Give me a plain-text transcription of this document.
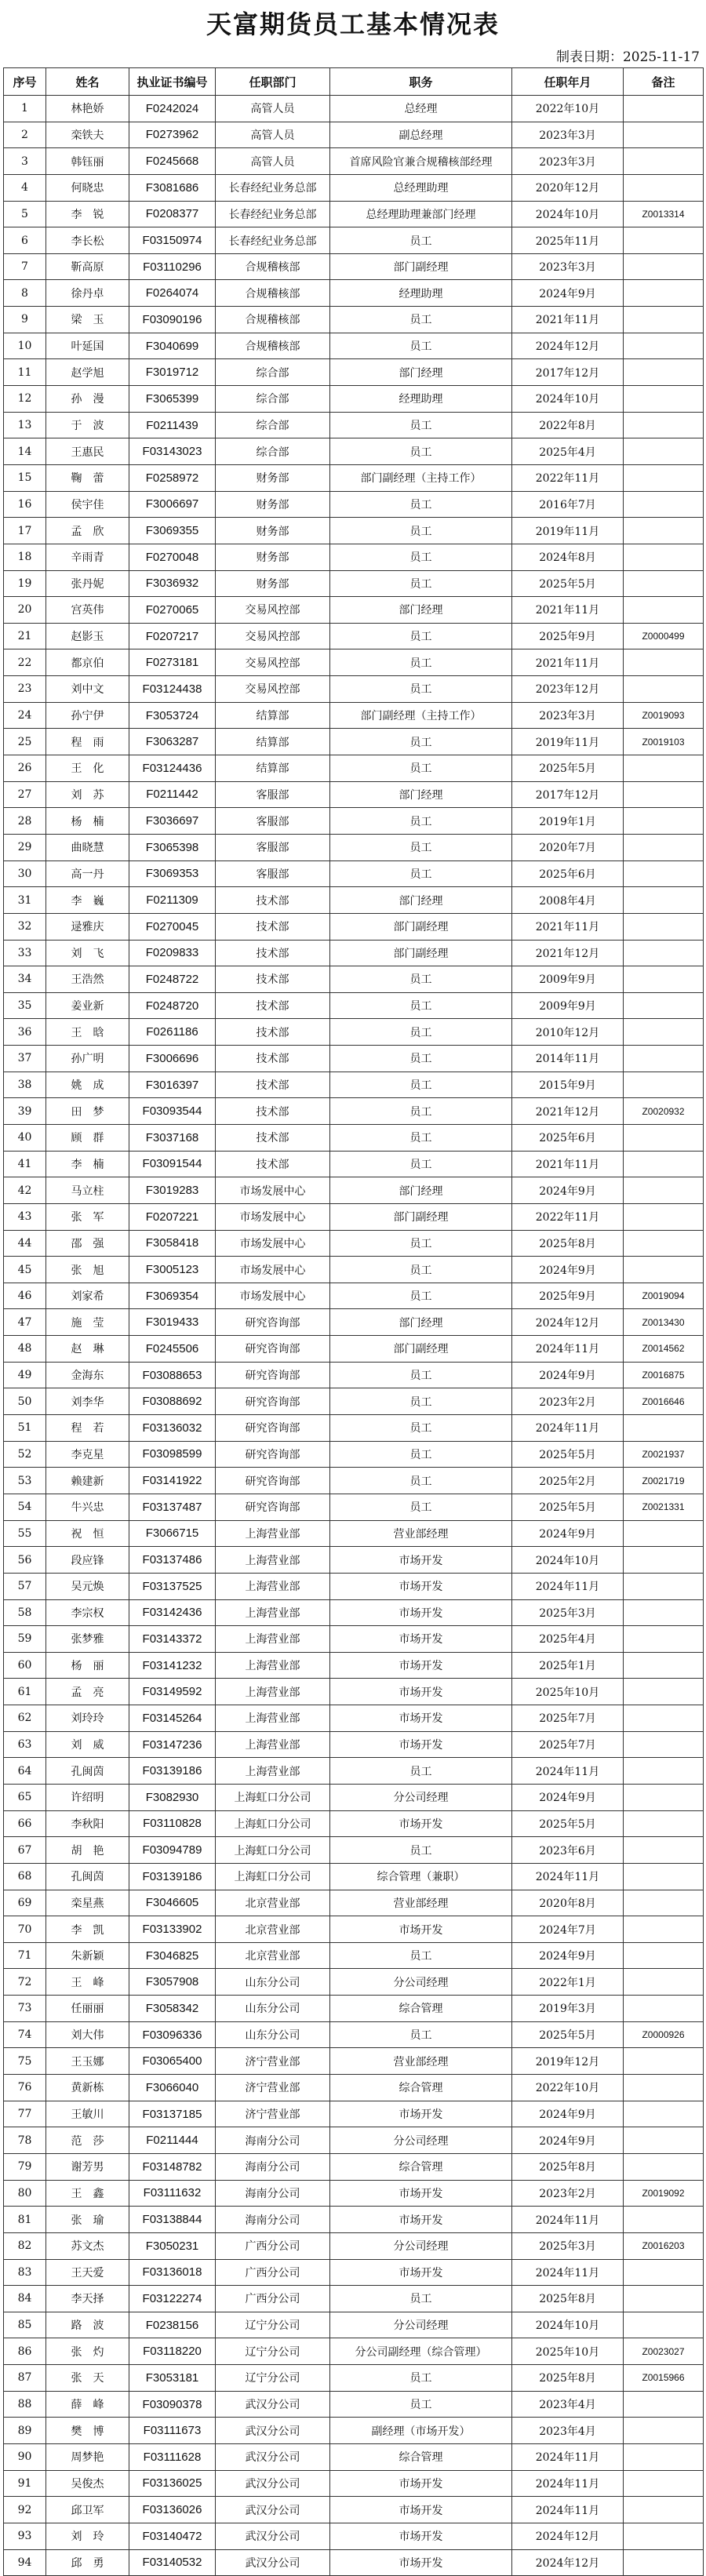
天富期货员工基本情况表
制表日期：2025-11-17
序号	姓名	执业证书编号	任职部门	职务	任职年月	备注
1	林艳娇	F0242024	高管人员	总经理	2022年10月	
2	栾铁夫	F0273962	高管人员	副总经理	2023年3月	
3	韩钰丽	F0245668	高管人员	首席风险官兼合规稽核部经理	2023年3月	
4	何晓忠	F3081686	长春经纪业务总部	总经理助理	2020年12月	
5	李　锐	F0208377	长春经纪业务总部	总经理助理兼部门经理	2024年10月	Z0013314
6	李长松	F03150974	长春经纪业务总部	员工	2025年11月	
7	靳高原	F03110296	合规稽核部	部门副经理	2023年3月	
8	徐丹卓	F0264074	合规稽核部	经理助理	2024年9月	
9	梁　玉	F03090196	合规稽核部	员工	2021年11月	
10	叶延国	F3040699	合规稽核部	员工	2024年12月	
11	赵学旭	F3019712	综合部	部门经理	2017年12月	
12	孙　漫	F3065399	综合部	经理助理	2024年10月	
13	于　波	F0211439	综合部	员工	2022年8月	
14	王惠民	F03143023	综合部	员工	2025年4月	
15	鞠　蕾	F0258972	财务部	部门副经理（主持工作）	2022年11月	
16	侯宇佳	F3006697	财务部	员工	2016年7月	
17	孟　欣	F3069355	财务部	员工	2019年11月	
18	辛雨青	F0270048	财务部	员工	2024年8月	
19	张丹妮	F3036932	财务部	员工	2025年5月	
20	宫英伟	F0270065	交易风控部	部门经理	2021年11月	
21	赵影玉	F0207217	交易风控部	员工	2025年9月	Z0000499
22	都京伯	F0273181	交易风控部	员工	2021年11月	
23	刘中文	F03124438	交易风控部	员工	2023年12月	
24	孙宁伊	F3053724	结算部	部门副经理（主持工作）	2023年3月	Z0019093
25	程　雨	F3063287	结算部	员工	2019年11月	Z0019103
26	王　化	F03124436	结算部	员工	2025年5月	
27	刘　苏	F0211442	客服部	部门经理	2017年12月	
28	杨　楠	F3036697	客服部	员工	2019年1月	
29	曲晓慧	F3065398	客服部	员工	2020年7月	
30	高一丹	F3069353	客服部	员工	2025年6月	
31	李　巍	F0211309	技术部	部门经理	2008年4月	
32	逯雅庆	F0270045	技术部	部门副经理	2021年11月	
33	刘　飞	F0209833	技术部	部门副经理	2021年12月	
34	王浩然	F0248722	技术部	员工	2009年9月	
35	姜业新	F0248720	技术部	员工	2009年9月	
36	王　晗	F0261186	技术部	员工	2010年12月	
37	孙广明	F3006696	技术部	员工	2014年11月	
38	姚　成	F3016397	技术部	员工	2015年9月	
39	田　梦	F03093544	技术部	员工	2021年12月	Z0020932
40	顾　群	F3037168	技术部	员工	2025年6月	
41	李　楠	F03091544	技术部	员工	2021年11月	
42	马立柱	F3019283	市场发展中心	部门经理	2024年9月	
43	张　军	F0207221	市场发展中心	部门副经理	2022年11月	
44	邵　强	F3058418	市场发展中心	员工	2025年8月	
45	张　旭	F3005123	市场发展中心	员工	2024年9月	
46	刘家希	F3069354	市场发展中心	员工	2025年9月	Z0019094
47	施　莹	F3019433	研究咨询部	部门经理	2024年12月	Z0013430
48	赵　琳	F0245506	研究咨询部	部门副经理	2024年11月	Z0014562
49	金海东	F03088653	研究咨询部	员工	2024年9月	Z0016875
50	刘李华	F03088692	研究咨询部	员工	2023年2月	Z0016646
51	程　若	F03136032	研究咨询部	员工	2024年11月	
52	李克星	F03098599	研究咨询部	员工	2025年5月	Z0021937
53	赖建新	F03141922	研究咨询部	员工	2025年2月	Z0021719
54	牛兴忠	F03137487	研究咨询部	员工	2025年5月	Z0021331
55	祝　恒	F3066715	上海营业部	营业部经理	2024年9月	
56	段应锋	F03137486	上海营业部	市场开发	2024年10月	
57	吴元焕	F03137525	上海营业部	市场开发	2024年11月	
58	李宗权	F03142436	上海营业部	市场开发	2025年3月	
59	张梦雅	F03143372	上海营业部	市场开发	2025年4月	
60	杨　丽	F03141232	上海营业部	市场开发	2025年1月	
61	孟　亮	F03149592	上海营业部	市场开发	2025年10月	
62	刘玲玲	F03145264	上海营业部	市场开发	2025年7月	
63	刘　威	F03147236	上海营业部	市场开发	2025年7月	
64	孔闽茵	F03139186	上海营业部	员工	2024年11月	
65	许绍明	F3082930	上海虹口分公司	分公司经理	2024年9月	
66	李秋阳	F03110828	上海虹口分公司	市场开发	2025年5月	
67	胡　艳	F03094789	上海虹口分公司	员工	2023年6月	
68	孔闽茵	F03139186	上海虹口分公司	综合管理（兼职）	2024年11月	
69	栾星燕	F3046605	北京营业部	营业部经理	2020年8月	
70	李　凯	F03133902	北京营业部	市场开发	2024年7月	
71	朱新颖	F3046825	北京营业部	员工	2024年9月	
72	王　峰	F3057908	山东分公司	分公司经理	2022年1月	
73	任丽丽	F3058342	山东分公司	综合管理	2019年3月	
74	刘大伟	F03096336	山东分公司	员工	2025年5月	Z0000926
75	王玉娜	F03065400	济宁营业部	营业部经理	2019年12月	
76	黄新栋	F3066040	济宁营业部	综合管理	2022年10月	
77	王敏川	F03137185	济宁营业部	市场开发	2024年9月	
78	范　莎	F0211444	海南分公司	分公司经理	2024年9月	
79	谢芳男	F03148782	海南分公司	综合管理	2025年8月	
80	王　鑫	F03111632	海南分公司	市场开发	2023年2月	Z0019092
81	张　瑜	F03138844	海南分公司	市场开发	2024年11月	
82	苏文杰	F3050231	广西分公司	分公司经理	2025年3月	Z0016203
83	王天爱	F03136018	广西分公司	市场开发	2024年11月	
84	李天择	F03122274	广西分公司	员工	2025年8月	
85	路　波	F0238156	辽宁分公司	分公司经理	2024年10月	
86	张　灼	F03118220	辽宁分公司	分公司副经理（综合管理）	2025年10月	Z0023027
87	张　天	F3053181	辽宁分公司	员工	2025年8月	Z0015966
88	薛　峰	F03090378	武汉分公司	员工	2023年4月	
89	樊　博	F03111673	武汉分公司	副经理（市场开发）	2023年4月	
90	周梦艳	F03111628	武汉分公司	综合管理	2024年11月	
91	吴俊杰	F03136025	武汉分公司	市场开发	2024年11月	
92	邱卫军	F03136026	武汉分公司	市场开发	2024年11月	
93	刘　玲	F03140472	武汉分公司	市场开发	2024年12月	
94	邱　勇	F03140532	武汉分公司	市场开发	2024年12月	
